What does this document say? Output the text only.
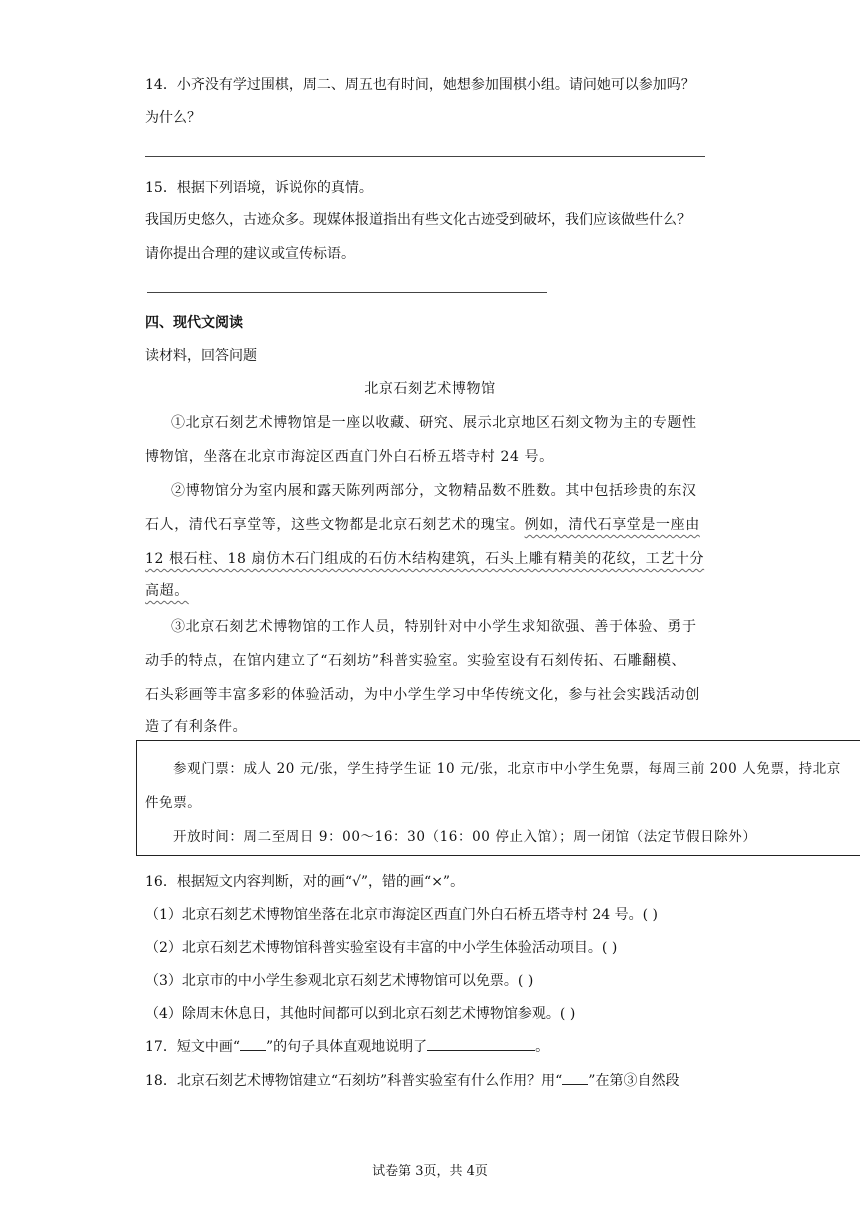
14．小齐没有学过围棋，周二、周五也有时间，她想参加围棋小组。请问她可以参加吗？
为什么？
15．根据下列语境，诉说你的真情。
我国历史悠久，古迹众多。现媒体报道指出有些文化古迹受到破坏，我们应该做些什么？
请你提出合理的建议或宣传标语。
四、现代文阅读
读材料，回答问题
北京石刻艺术博物馆
①北京石刻艺术博物馆是一座以收藏、研究、展示北京地区石刻文物为主的专题性
博物馆，坐落在北京市海淀区西直门外白石桥五塔寺村 24 号。
②博物馆分为室内展和露天陈列两部分，文物精品数不胜数。其中包括珍贵的东汉
石人，清代石享堂等，这些文物都是北京石刻艺术的瑰宝。例如，清代石享堂是一座由
12 根石柱、18 扇仿木石门组成的石仿木结构建筑，石头上雕有精美的花纹，工艺十分
高超。
③北京石刻艺术博物馆的工作人员，特别针对中小学生求知欲强、善于体验、勇于
动手的特点，在馆内建立了“石刻坊”科普实验室。实验室设有石刻传拓、石雕翻模、
石头彩画等丰富多彩的体验活动，为中小学生学习中华传统文化，参与社会实践活动创
造了有利条件。
参观门票：成人 20 元/张，学生持学生证 10 元/张，北京市中小学生免票，每周三前 200 人免票，持北京
件免票。
开放时间：周二至周日 9：00～16：30（16：00 停止入馆）；周一闭馆（法定节假日除外）
16．根据短文内容判断，对的画“√”，错的画“×”。
（1）北京石刻艺术博物馆坐落在北京市海淀区西直门外白石桥五塔寺村 24 号。( )
（2）北京石刻艺术博物馆科普实验室设有丰富的中小学生体验活动项目。( )
（3）北京市的中小学生参观北京石刻艺术博物馆可以免票。( )
（4）除周末休息日，其他时间都可以到北京石刻艺术博物馆参观。( )
17．短文中画“ ”的句子具体直观地说明了	。
18．北京石刻艺术博物馆建立“石刻坊”科普实验室有什么作用？用“ ”在第③自然段
试卷第 3页，共 4页
